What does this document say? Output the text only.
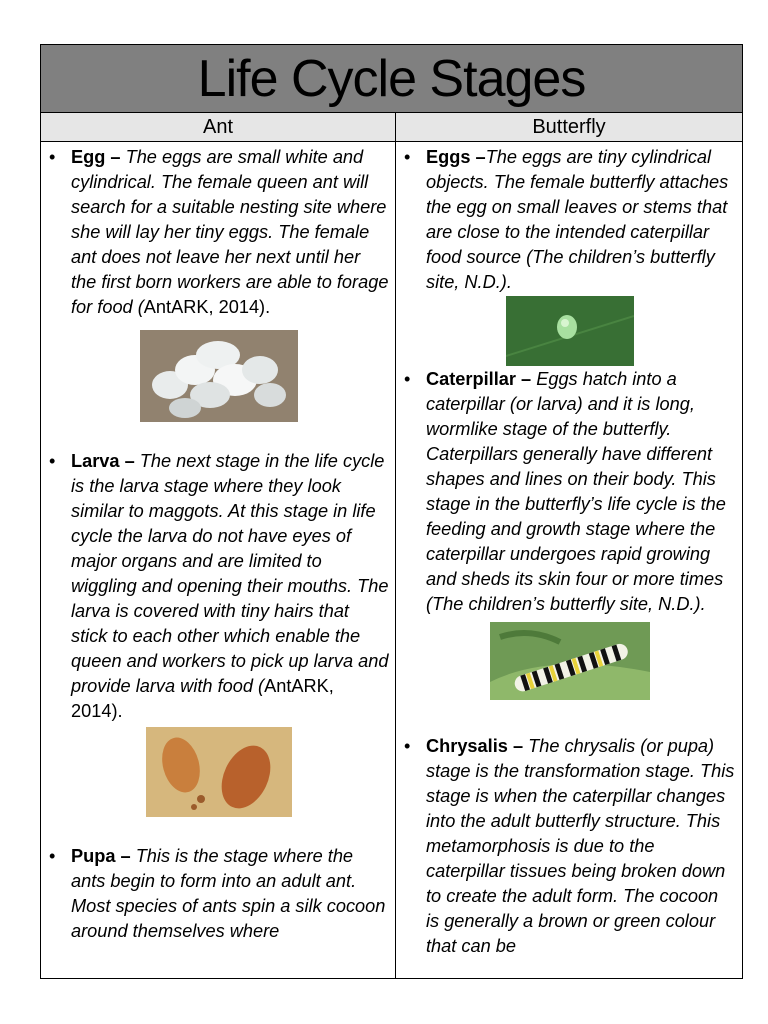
Life Cycle Stages
Ant	Butterfly
• Egg – The eggs are small white and cylindrical. The female queen ant will search for a suitable nesting site where she will lay her tiny eggs. The female ant does not leave her next until her the first born workers are able to forage for food (AntARK, 2014).
• Larva – The next stage in the life cycle is the larva stage where they look similar to maggots. At this stage in life cycle the larva do not have eyes of major organs and are limited to wiggling and opening their mouths. The larva is covered with tiny hairs that stick to each other which enable the queen and workers to pick up larva and provide larva with food (AntARK, 2014).
• Pupa – This is the stage where the ants begin to form into an adult ant. Most species of ants spin a silk cocoon around themselves where
• Eggs –The eggs are tiny cylindrical objects. The female butterfly attaches the egg on small leaves or stems that are close to the intended caterpillar food source (The children’s butterfly site, N.D.).
• Caterpillar – Eggs hatch into a caterpillar (or larva) and it is long, wormlike stage of the butterfly. Caterpillars generally have different shapes and lines on their body. This stage in the butterfly’s life cycle is the feeding and growth stage where the caterpillar undergoes rapid growing and sheds its skin four or more times (The children’s butterfly site, N.D.).
• Chrysalis – The chrysalis (or pupa) stage is the transformation stage. This stage is when the caterpillar changes into the adult butterfly structure. This metamorphosis is due to the caterpillar tissues being broken down to create the adult form. The cocoon is generally a brown or green colour that can be
